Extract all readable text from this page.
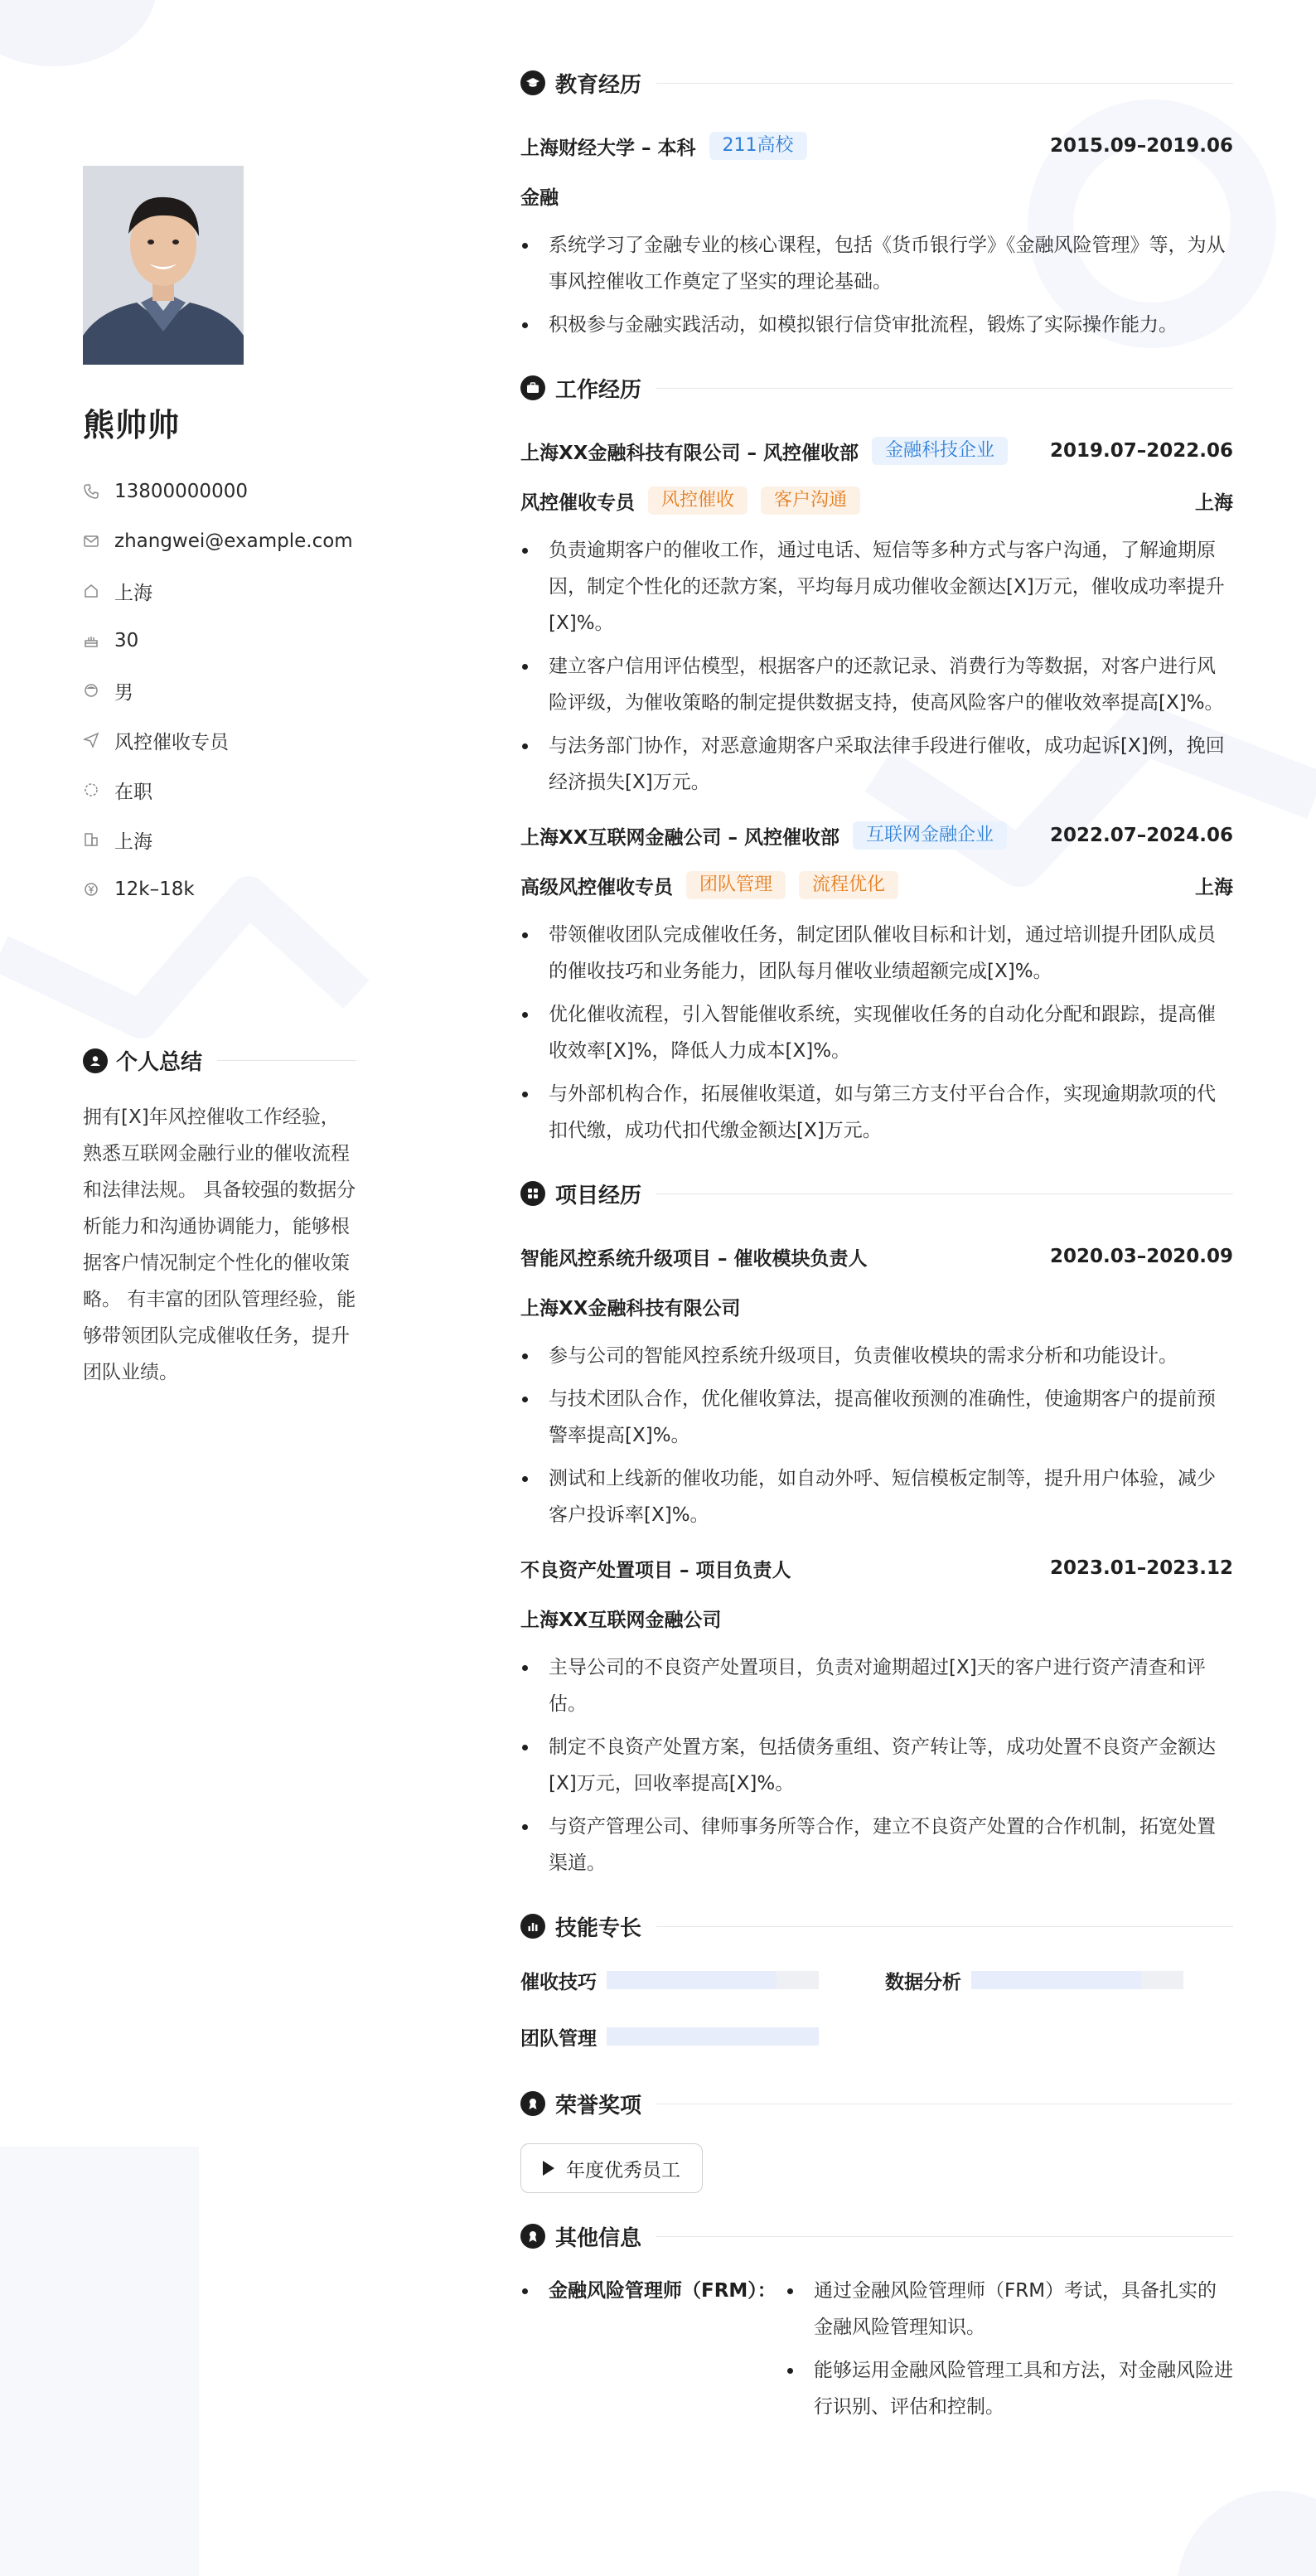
熊帅帅
13800000000
zhangwei@example.com
上海
30
男
风控催收专员
在职
上海
12k–18k
个人总结
拥有[X]年风控催收工作经验，熟悉互联网金融行业的催收流程和法律法规。 具备较强的数据分析能力和沟通协调能力，能够根据客户情况制定个性化的催收策略。 有丰富的团队管理经验，能够带领团队完成催收任务，提升团队业绩。
教育经历
上海财经大学 – 本科	211高校	2015.09–2019.06
金融
系统学习了金融专业的核心课程，包括《货币银行学》《金融风险管理》等，为从事风控催收工作奠定了坚实的理论基础。
积极参与金融实践活动，如模拟银行信贷审批流程，锻炼了实际操作能力。
工作经历
上海XX金融科技有限公司 – 风控催收部	金融科技企业	2019.07–2022.06
风控催收专员	风控催收	客户沟通	上海
负责逾期客户的催收工作，通过电话、短信等多种方式与客户沟通，了解逾期原因，制定个性化的还款方案，平均每月成功催收金额达[X]万元，催收成功率提升[X]%。
建立客户信用评估模型，根据客户的还款记录、消费行为等数据，对客户进行风险评级，为催收策略的制定提供数据支持，使高风险客户的催收效率提高[X]%。
与法务部门协作，对恶意逾期客户采取法律手段进行催收，成功起诉[X]例，挽回经济损失[X]万元。
上海XX互联网金融公司 – 风控催收部	互联网金融企业	2022.07–2024.06
高级风控催收专员	团队管理	流程优化	上海
带领催收团队完成催收任务，制定团队催收目标和计划，通过培训提升团队成员的催收技巧和业务能力，团队每月催收业绩超额完成[X]%。
优化催收流程，引入智能催收系统，实现催收任务的自动化分配和跟踪，提高催收效率[X]%，降低人力成本[X]%。
与外部机构合作，拓展催收渠道，如与第三方支付平台合作，实现逾期款项的代扣代缴，成功代扣代缴金额达[X]万元。
项目经历
智能风控系统升级项目 – 催收模块负责人	2020.03–2020.09
上海XX金融科技有限公司
参与公司的智能风控系统升级项目，负责催收模块的需求分析和功能设计。
与技术团队合作，优化催收算法，提高催收预测的准确性，使逾期客户的提前预警率提高[X]%。
测试和上线新的催收功能，如自动外呼、短信模板定制等，提升用户体验，减少客户投诉率[X]%。
不良资产处置项目 – 项目负责人	2023.01–2023.12
上海XX互联网金融公司
主导公司的不良资产处置项目，负责对逾期超过[X]天的客户进行资产清查和评估。
制定不良资产处置方案，包括债务重组、资产转让等，成功处置不良资产金额达[X]万元，回收率提高[X]%。
与资产管理公司、律师事务所等合作，建立不良资产处置的合作机制，拓宽处置渠道。
技能专长
催收技巧	数据分析
团队管理
荣誉奖项
年度优秀员工
其他信息
金融风险管理师（FRM）：	通过金融风险管理师（FRM）考试，具备扎实的金融风险管理知识。
能够运用金融风险管理工具和方法，对金融风险进行识别、评估和控制。
